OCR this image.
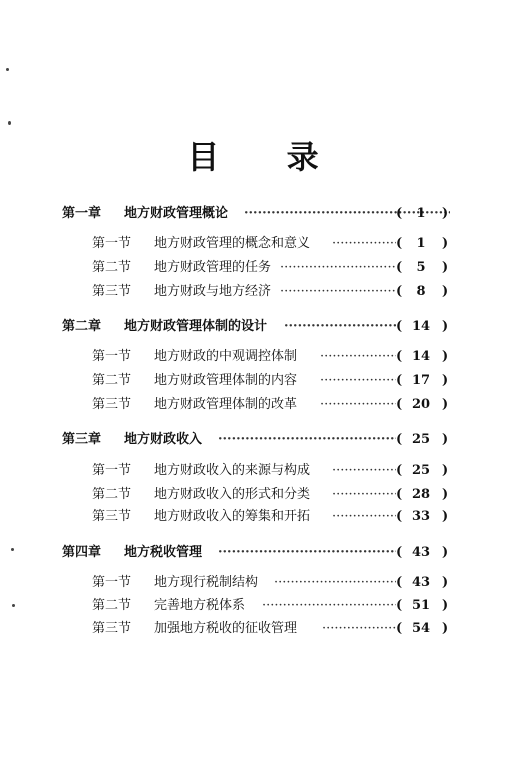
目 录
第一章 地方财政管理概论 ·····	(	1	)
第一节 地方财政管理的概念和意义 ·····	(	1	)
第二节 地方财政管理的任务 ·····	(	5	)
第三节 地方财政与地方经济 ·····	(	8	)
第二章 地方财政管理体制的设计 ·····	( 14 )
第一节 地方财政的中观调控体制 ·····	( 14 )
第二节 地方财政管理体制的内容 ·····	( 17 )
第三节 地方财政管理体制的改革 ·····	( 20 )
第三章 地方财政收入 ·····	( 25 )
第一节 地方财政收入的来源与构成 ·····	( 25 )
第二节 地方财政收入的形式和分类 ·····	( 28 )
第三节 地方财政收入的筹集和开拓 ·····	( 33 )
第四章 地方税收管理 ·····	( 43 )
第一节 地方现行税制结构 ·····	( 43 )
第二节 完善地方税体系 ·····	( 51 )
第三节 加强地方税收的征收管理 ·····	( 54 )
